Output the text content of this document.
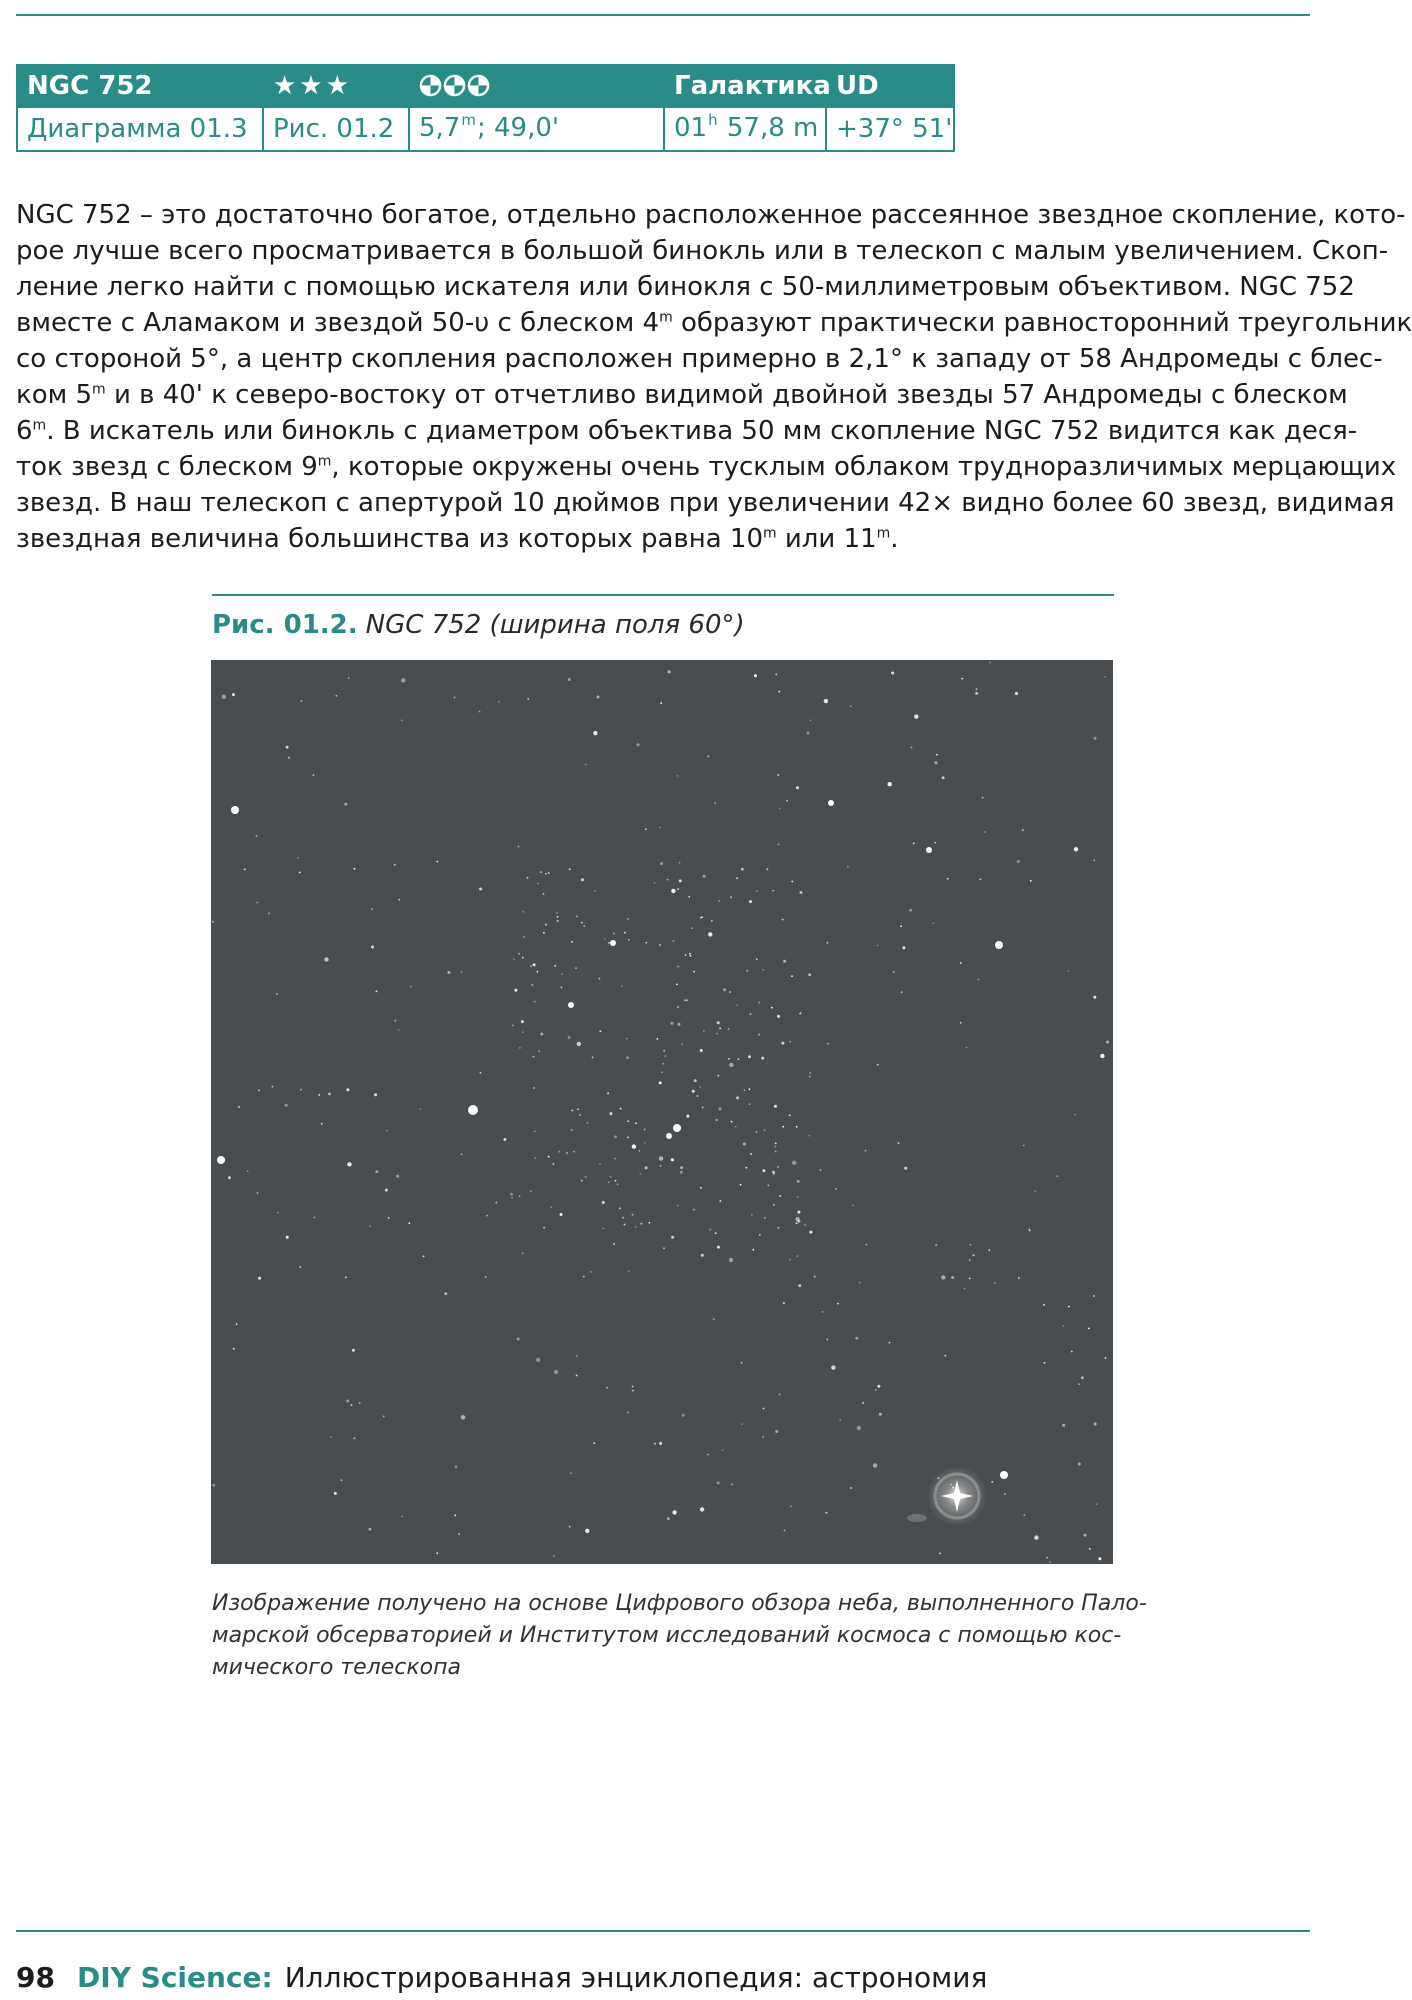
NGC 752	★★★		Галактика	UD
Диаграмма 01.3	Рис. 01.2	5,7$^m$; 49,0'	01$^h$ 57,8 m	+37° 51'
NGC 752 – это достаточно богатое, отдельно расположенное рассеянное звездное скопление, кото-
рое лучше всего просматривается в большой бинокль или в телескоп с малым увеличением. Скоп-
ление легко найти с помощью искателя или бинокля с 50-миллиметровым объективом. NGC 752
вместе с Аламаком и звездой 50-υ с блеском 4$^m$ образуют практически равносторонний треугольник
со стороной 5°, а центр скопления расположен примерно в 2,1° к западу от 58 Андромеды с блес-
ком 5$^m$ и в 40' к северо-востоку от отчетливо видимой двойной звезды 57 Андромеды с блеском
6$^m$. В искатель или бинокль с диаметром объектива 50 мм скопление NGC 752 видится как деся-
ток звезд с блеском 9$^m$, которые окружены очень тусклым облаком трудноразличимых мерцающих
звезд. В наш телескоп с апертурой 10 дюймов при увеличении 42× видно более 60 звезд, видимая
звездная величина большинства из которых равна 10$^m$ или 11$^m$.
Рис. 01.2. NGC 752 (ширина поля 60°)
Изображение получено на основе Цифрового обзора неба, выполненного Пало-
марской обсерваторией и Институтом исследований космоса с помощью кос-
мического телескопа
98 DIY Science: Иллюстрированная энциклопедия: астрономия
